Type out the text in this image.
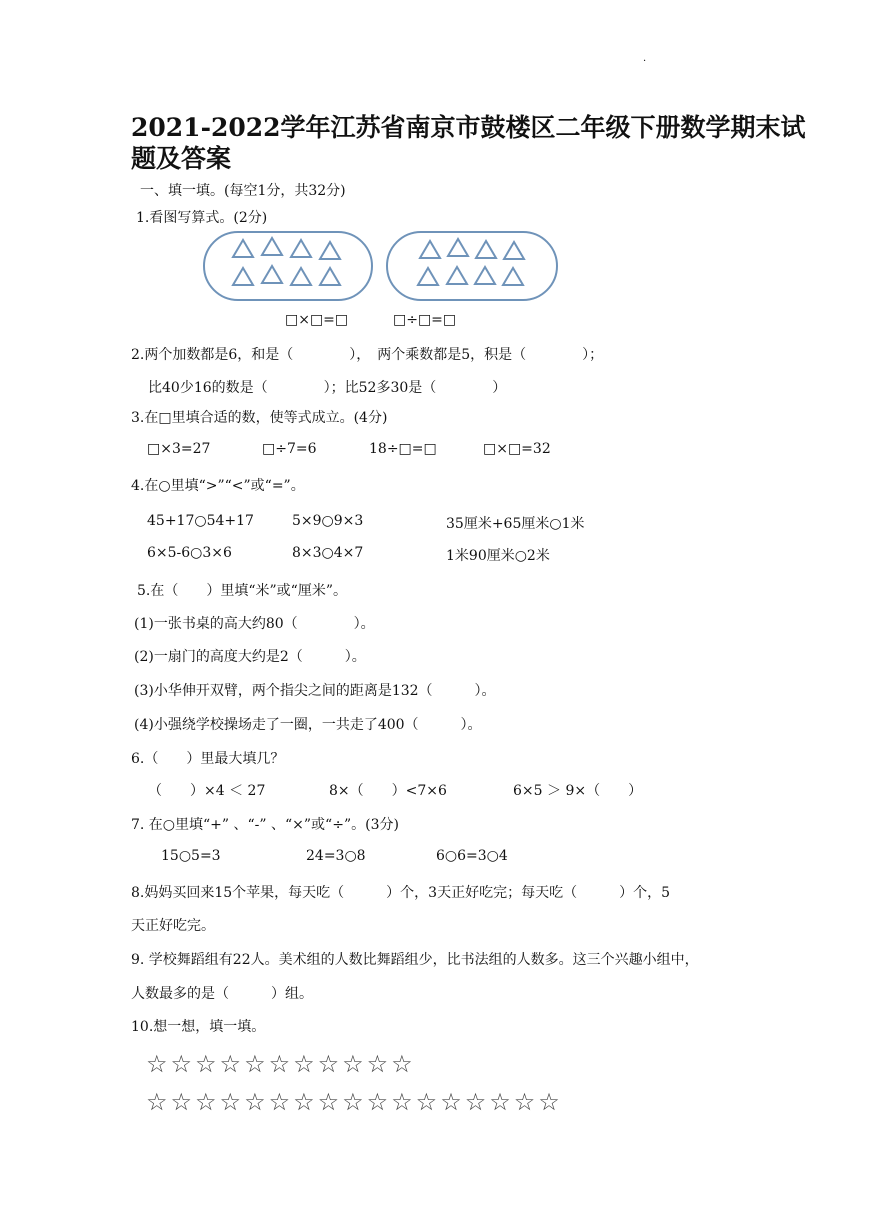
·
2021-2022学年江苏省南京市鼓楼区二年级下册数学期末试
题及答案
一、填一填。(每空1分，共32分)
1.看图写算式。(2分)
□×□=□	□÷□=□
2.两个加数都是6，和是（　　　　），　两个乘数都是5，积是（　　　　）；
比40少16的数是（　　　　）；比52多30是（　　　　）
3.在□里填合适的数，使等式成立。(4分)
□×3=27	□÷7=6	18÷□=□	□×□=32
4.在○里填“>”“<”或“=”。
45+17○54+17	5×9○9×3	35厘米+65厘米○1米
6×5-6○3×6	8×3○4×7	1米90厘米○2米
5.在（　　）里填“米”或“厘米”。
(1)一张书桌的高大约80（　　　　）。
(2)一扇门的高度大约是2（　　　）。
(3)小华伸开双臂，两个指尖之间的距离是132（　　　）。
(4)小强绕学校操场走了一圈，一共走了400（　　　）。
6.（　　）里最大填几？
（　　）×4 ＜ 27	8×（　　）<7×6	6×5 ＞ 9×（　　）
7. 在○里填“+” 、“-” 、“×”或“÷”。(3分)
15○5=3	24=3○8	6○6=3○4
8.妈妈买回来15个苹果，每天吃（　　　）个，3天正好吃完；每天吃（　　　）个，5
天正好吃完。
9. 学校舞蹈组有22人。美术组的人数比舞蹈组少，比书法组的人数多。这三个兴趣小组中，
人数最多的是（　　　）组。
10.想一想，填一填。
☆☆☆☆☆☆☆☆☆☆☆
☆☆☆☆☆☆☆☆☆☆☆☆☆☆☆☆☆
